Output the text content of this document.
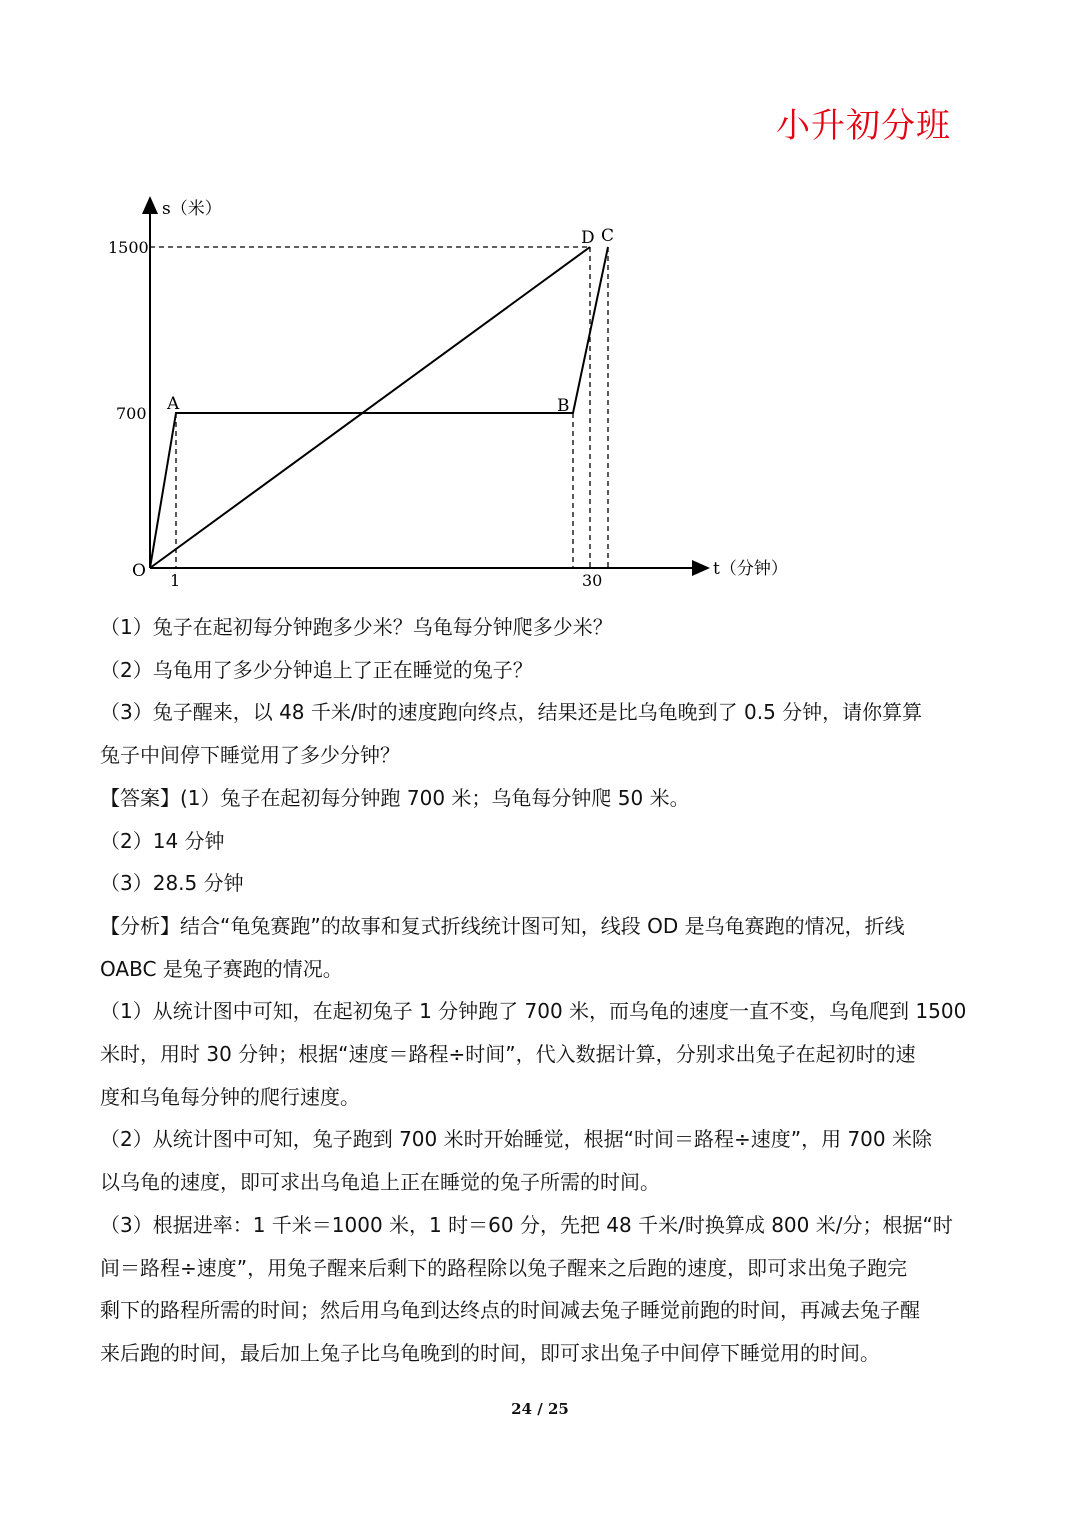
小升初分班
s（米）
t（分钟）
O
1500
700
1	30
A	B
D C

（1）兔子在起初每分钟跑多少米？乌龟每分钟爬多少米？

（2）乌龟用了多少分钟追上了正在睡觉的兔子？

（3）兔子醒来，以 48 千米/时的速度跑向终点，结果还是比乌龟晚到了 0.5 分钟，请你算算

兔子中间停下睡觉用了多少分钟？

【答案】(1）兔子在起初每分钟跑 700 米；乌龟每分钟爬 50 米。

（2）14 分钟

（3）28.5 分钟

【分析】结合“龟兔赛跑”的故事和复式折线统计图可知，线段 OD 是乌龟赛跑的情况，折线

OABC 是兔子赛跑的情况。

（1）从统计图中可知，在起初兔子 1 分钟跑了 700 米，而乌龟的速度一直不变，乌龟爬到 1500

米时，用时 30 分钟；根据“速度＝路程÷时间”，代入数据计算，分别求出兔子在起初时的速

度和乌龟每分钟的爬行速度。

（2）从统计图中可知，兔子跑到 700 米时开始睡觉，根据“时间＝路程÷速度”，用 700 米除

以乌龟的速度，即可求出乌龟追上正在睡觉的兔子所需的时间。

（3）根据进率：1 千米＝1000 米，1 时＝60 分，先把 48 千米/时换算成 800 米/分；根据“时

间＝路程÷速度”，用兔子醒来后剩下的路程除以兔子醒来之后跑的速度，即可求出兔子跑完

剩下的路程所需的时间；然后用乌龟到达终点的时间减去兔子睡觉前跑的时间，再减去兔子醒

来后跑的时间，最后加上兔子比乌龟晚到的时间，即可求出兔子中间停下睡觉用的时间。

24 / 25
